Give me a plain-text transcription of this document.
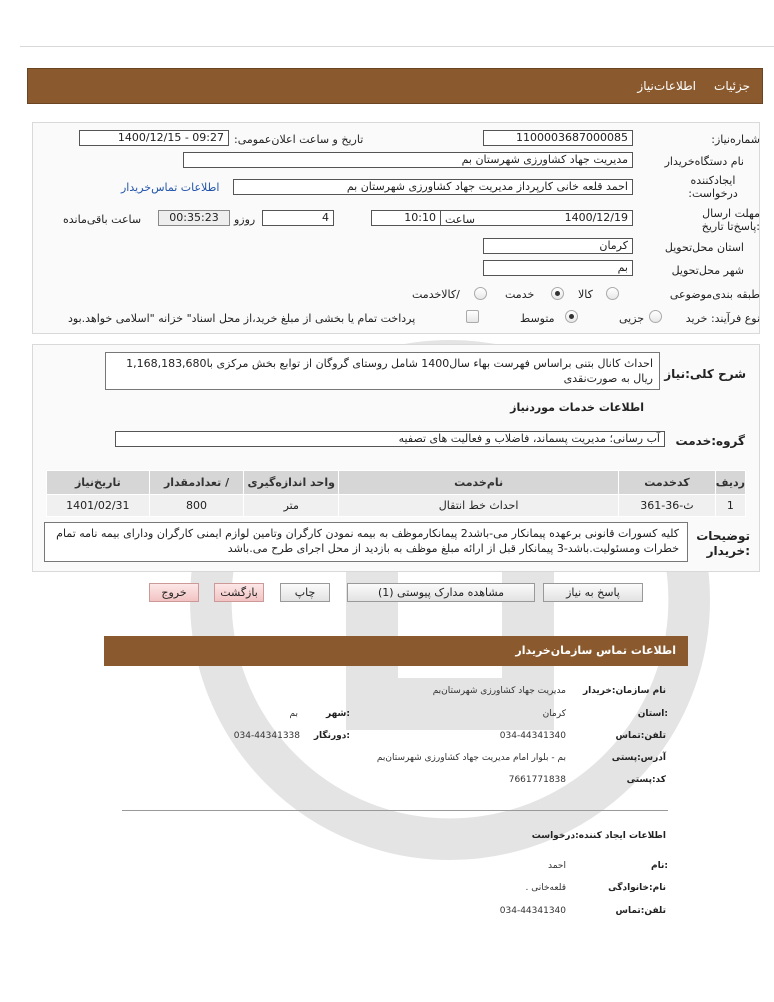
جزئیات
اطلاعات‌نیاز
شماره‌نیاز:
1100003687000085
تاریخ و ساعت اعلان‌عمومی:
1400/12/15 - 09:27
نام دستگاه‌خریدار
مدیریت جهاد کشاورزی شهرستان بم
ایجادکننده درخواست:
احمد قلعه خانی کارپرداز مدیریت جهاد کشاورزی شهرستان بم
اطلاعات تماس‌خریدار
مهلت ارسال :پاسخ‌تا تاریخ
1400/12/19
ساعت
10:10
4
روزو
00:35:23
ساعت باقی‌مانده
استان محل‌تحویل
کرمان
شهر محل‌تحویل
بم
طبقه بندی‌موضوعی
کالا
خدمت
/کالاخدمت
نوع فرآیند: خرید
جزیی
متوسط
پرداخت تمام یا بخشی از مبلغ خرید،از محل اسناد" خزانه "اسلامی خواهد.بود
شرح کلی:نیاز
احداث کانال بتنی براساس فهرست بهاء سال1400 شامل روستای گروگان از توابع بخش مرکزی با1,168,183,680 ریال به صورت‌نقدی
اطلاعات خدمات موردنیاز
گروه:خدمت
آب رسانی؛ مدیریت پسماند، فاضلاب و فعالیت های تصفیه
ردیف	کدخدمت	نام‌خدمت	واحد اندازه‌گیری	/ تعدادمقدار	تاریخ‌نیاز
1	ث-36-361	احداث خط انتقال	متر	800	1401/02/31
توضیحات :خریدار
کلیه کسورات قانونی برعهده پیمانکار می-باشد2 پیمانکارموظف به بیمه نمودن کارگران وتامین لوازم ایمنی کارگران ودارای بیمه نامه تمام خطرات ومسئولیت.باشد-3 پیمانکار قبل از ارائه مبلغ موظف به بازدید از محل اجرای طرح می.باشد
پاسخ به نیاز
مشاهده مدارک پیوستی (1)
چاپ
بازگشت
خروج
اطلاعات تماس سازمان‌خریدار
نام سازمان:خریدار
مدیریت جهاد کشاورزی شهرستان‌بم
:استان
کرمان
:شهر
بم
تلفن:تماس
034-44341340
:دورنگار
034-44341338
آدرس:پستی
بم - بلوار امام مدیریت جهاد کشاورزی شهرستان‌بم
کد:پستی
7661771838
اطلاعات ایجاد کننده:درخواست
:نام
احمد
نام:خانوادگی
قلعه‌خانی .
تلفن:تماس
034-44341340
